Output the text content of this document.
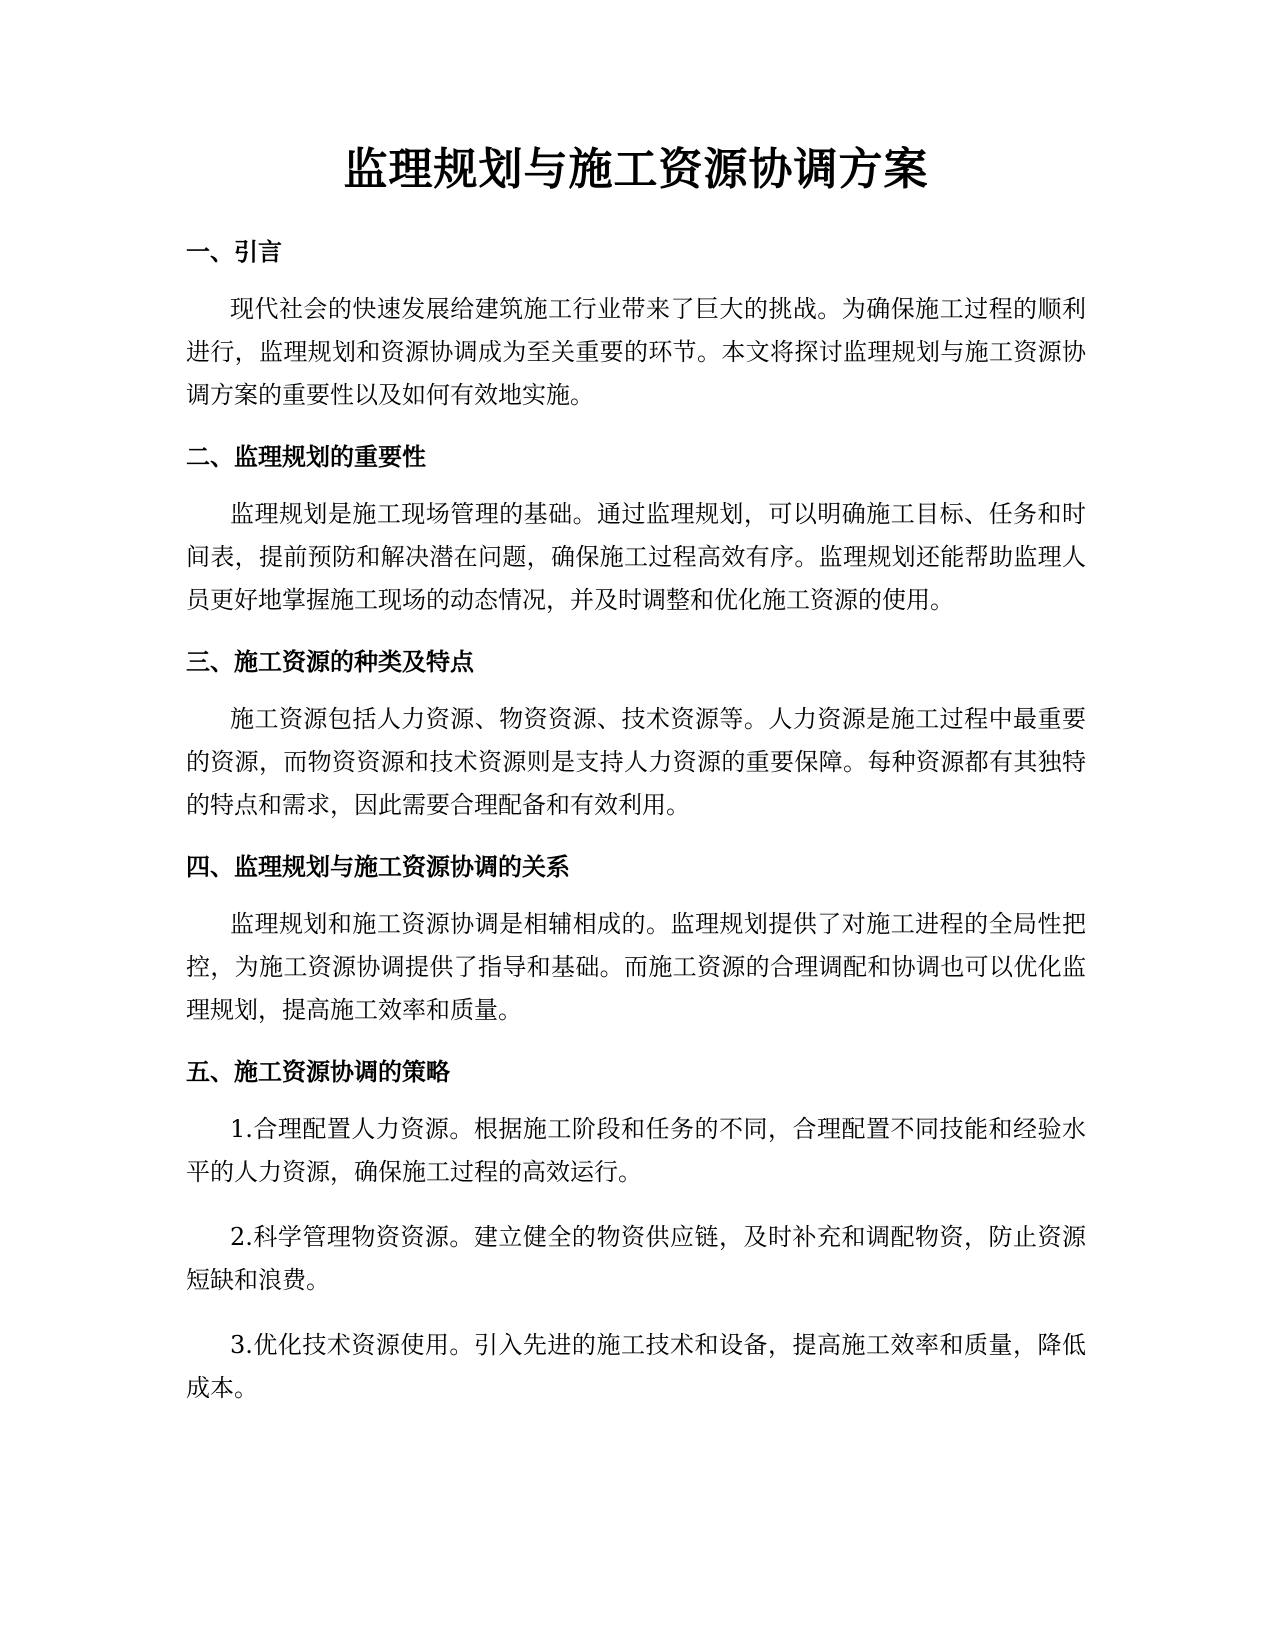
监理规划与施工资源协调方案
一、引言

现代社会的快速发展给建筑施工行业带来了巨大的挑战。为确保施工过程的顺利进行，监理规划和资源协调成为至关重要的环节。本文将探讨监理规划与施工资源协调方案的重要性以及如何有效地实施。

二、监理规划的重要性

监理规划是施工现场管理的基础。通过监理规划，可以明确施工目标、任务和时间表，提前预防和解决潜在问题，确保施工过程高效有序。监理规划还能帮助监理人员更好地掌握施工现场的动态情况，并及时调整和优化施工资源的使用。

三、施工资源的种类及特点

施工资源包括人力资源、物资资源、技术资源等。人力资源是施工过程中最重要的资源，而物资资源和技术资源则是支持人力资源的重要保障。每种资源都有其独特的特点和需求，因此需要合理配备和有效利用。

四、监理规划与施工资源协调的关系

监理规划和施工资源协调是相辅相成的。监理规划提供了对施工进程的全局性把控，为施工资源协调提供了指导和基础。而施工资源的合理调配和协调也可以优化监理规划，提高施工效率和质量。

五、施工资源协调的策略

1.合理配置人力资源。根据施工阶段和任务的不同，合理配置不同技能和经验水平的人力资源，确保施工过程的高效运行。

2.科学管理物资资源。建立健全的物资供应链，及时补充和调配物资，防止资源短缺和浪费。

3.优化技术资源使用。引入先进的施工技术和设备，提高施工效率和质量，降低成本。
